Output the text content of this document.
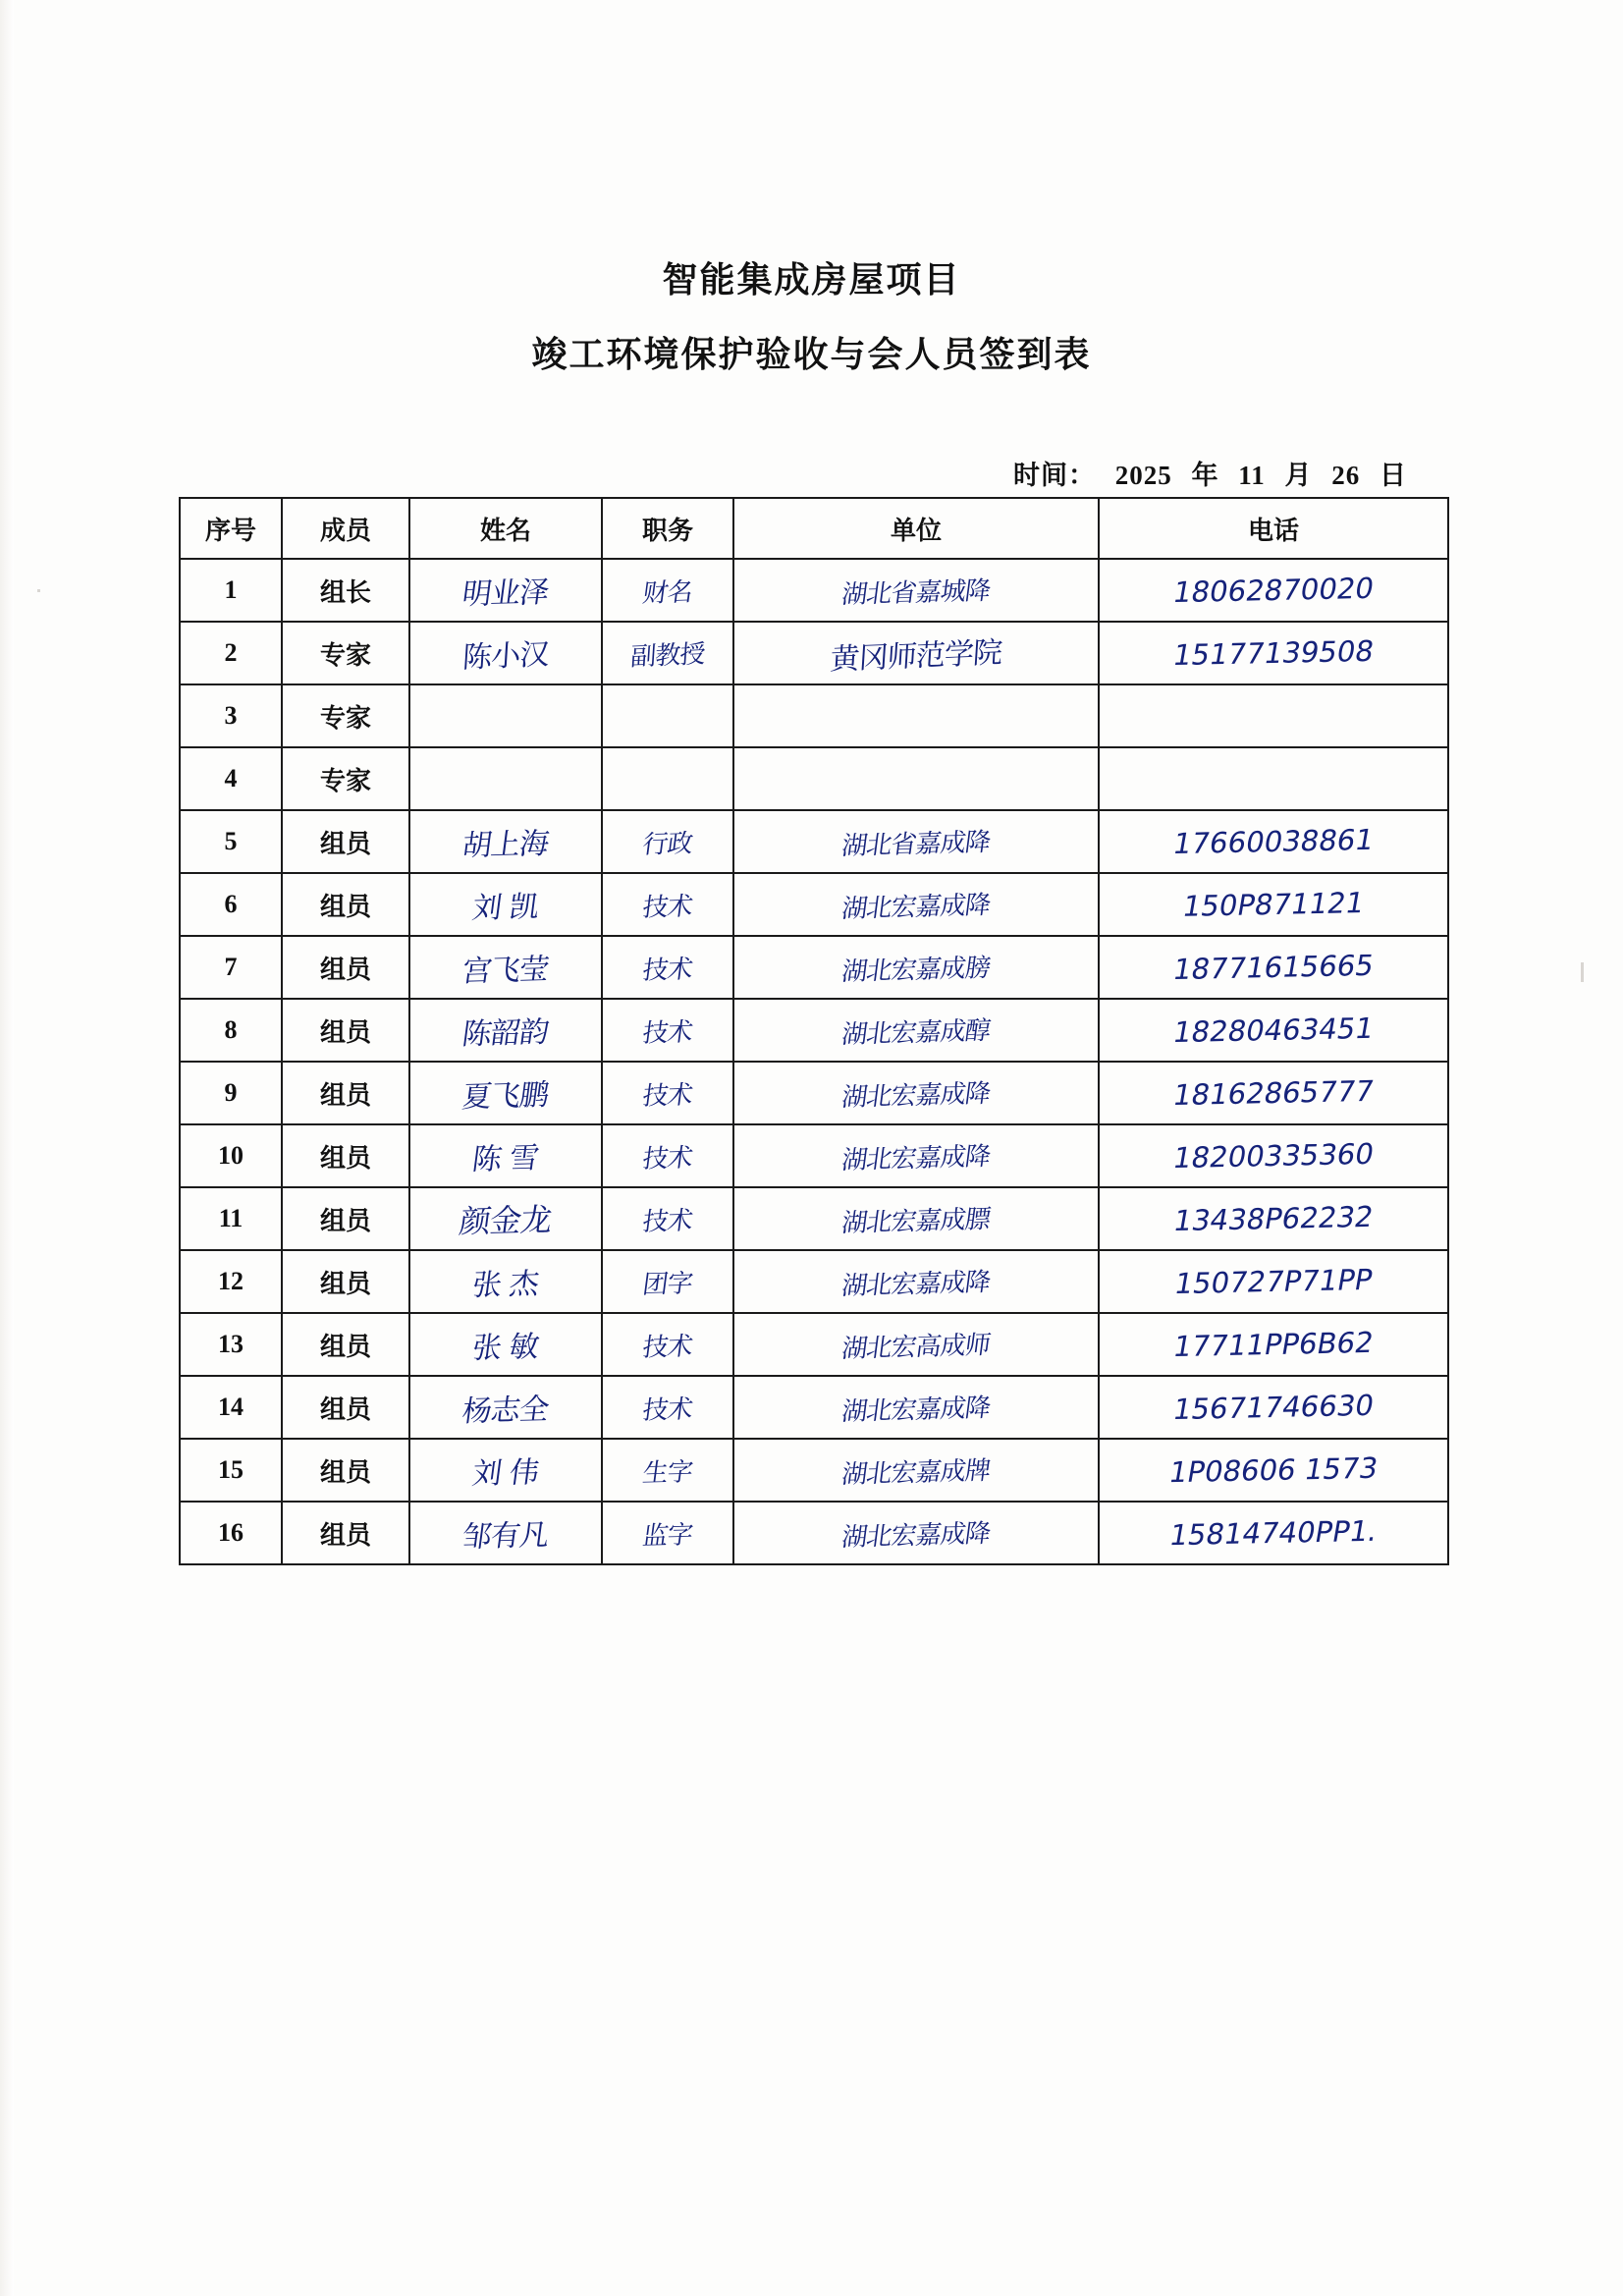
智能集成房屋项目
竣工环境保护验收与会人员签到表
时间： 2025 年 11 月 26 日
序号	成员	姓名	职务	单位	电话
1	组长	明业泽	财名	湖北省嘉城降	18062870020

2	专家	陈小汉	副教授	黄冈师范学院	15177139508

3	专家	

4	专家	

5	组员	胡上海	行政	湖北省嘉成降	17660038861

6	组员	刘 凯	技术	湖北宏嘉成降	150P871121

7	组员	宫飞莹	技术	湖北宏嘉成膀	18771615665

8	组员	陈韶韵	技术	湖北宏嘉成醇	18280463451

9	组员	夏飞鹏	技术	湖北宏嘉成降	18162865777

10	组员	陈 雪	技术	湖北宏嘉成降	18200335360

11	组员	颜金龙	技术	湖北宏嘉成膘	13438P62232

12	组员	张 杰	团字	湖北宏嘉成降	150727P71PP

13	组员	张 敏	技术	湖北宏高成师	17711PP6B62

14	组员	杨志全	技术	湖北宏嘉成降	15671746630

15	组员	刘 伟	生字	湖北宏嘉成牌	1P08606 1573

16	组员	邹有凡	监字	湖北宏嘉成降	15814740PP1.
